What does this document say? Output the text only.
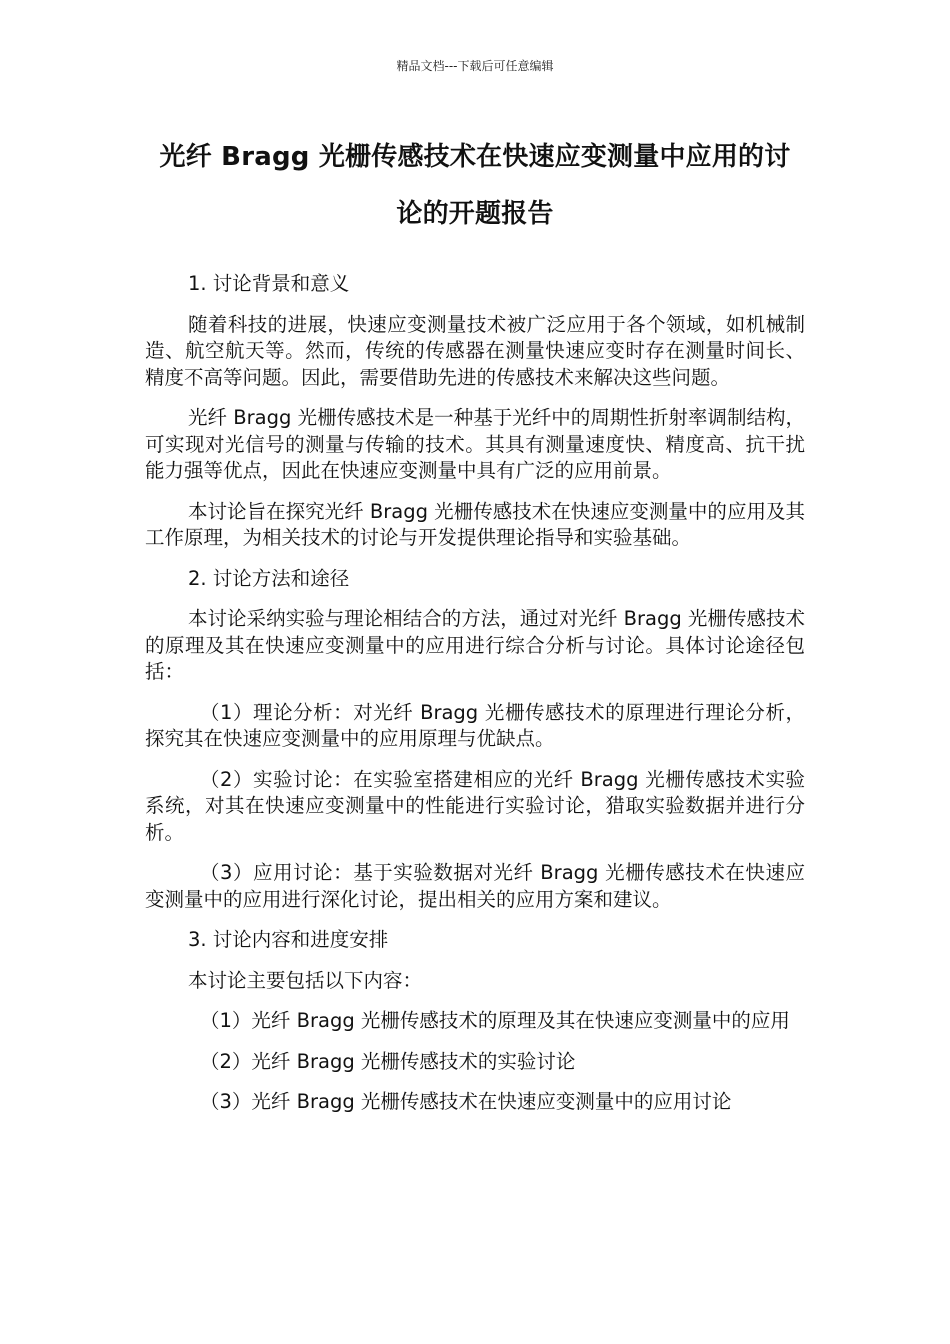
精品文档---下载后可任意编辑
光纤 Bragg 光栅传感技术在快速应变测量中应用的讨
论的开题报告

1. 讨论背景和意义

随着科技的进展，快速应变测量技术被广泛应用于各个领域，如机械制造、航空航天等。然而，传统的传感器在测量快速应变时存在测量时间长、精度不高等问题。因此，需要借助先进的传感技术来解决这些问题。

光纤 Bragg 光栅传感技术是一种基于光纤中的周期性折射率调制结构，可实现对光信号的测量与传输的技术。其具有测量速度快、精度高、抗干扰能力强等优点，因此在快速应变测量中具有广泛的应用前景。

本讨论旨在探究光纤 Bragg 光栅传感技术在快速应变测量中的应用及其工作原理，为相关技术的讨论与开发提供理论指导和实验基础。

2. 讨论方法和途径

本讨论采纳实验与理论相结合的方法，通过对光纤 Bragg 光栅传感技术的原理及其在快速应变测量中的应用进行综合分析与讨论。具体讨论途径包括：

（1）理论分析：对光纤 Bragg 光栅传感技术的原理进行理论分析，探究其在快速应变测量中的应用原理与优缺点。

（2）实验讨论：在实验室搭建相应的光纤 Bragg 光栅传感技术实验系统，对其在快速应变测量中的性能进行实验讨论，猎取实验数据并进行分析。

（3）应用讨论：基于实验数据对光纤 Bragg 光栅传感技术在快速应变测量中的应用进行深化讨论，提出相关的应用方案和建议。

3. 讨论内容和进度安排

本讨论主要包括以下内容：

（1）光纤 Bragg 光栅传感技术的原理及其在快速应变测量中的应用

（2）光纤 Bragg 光栅传感技术的实验讨论

（3）光纤 Bragg 光栅传感技术在快速应变测量中的应用讨论
